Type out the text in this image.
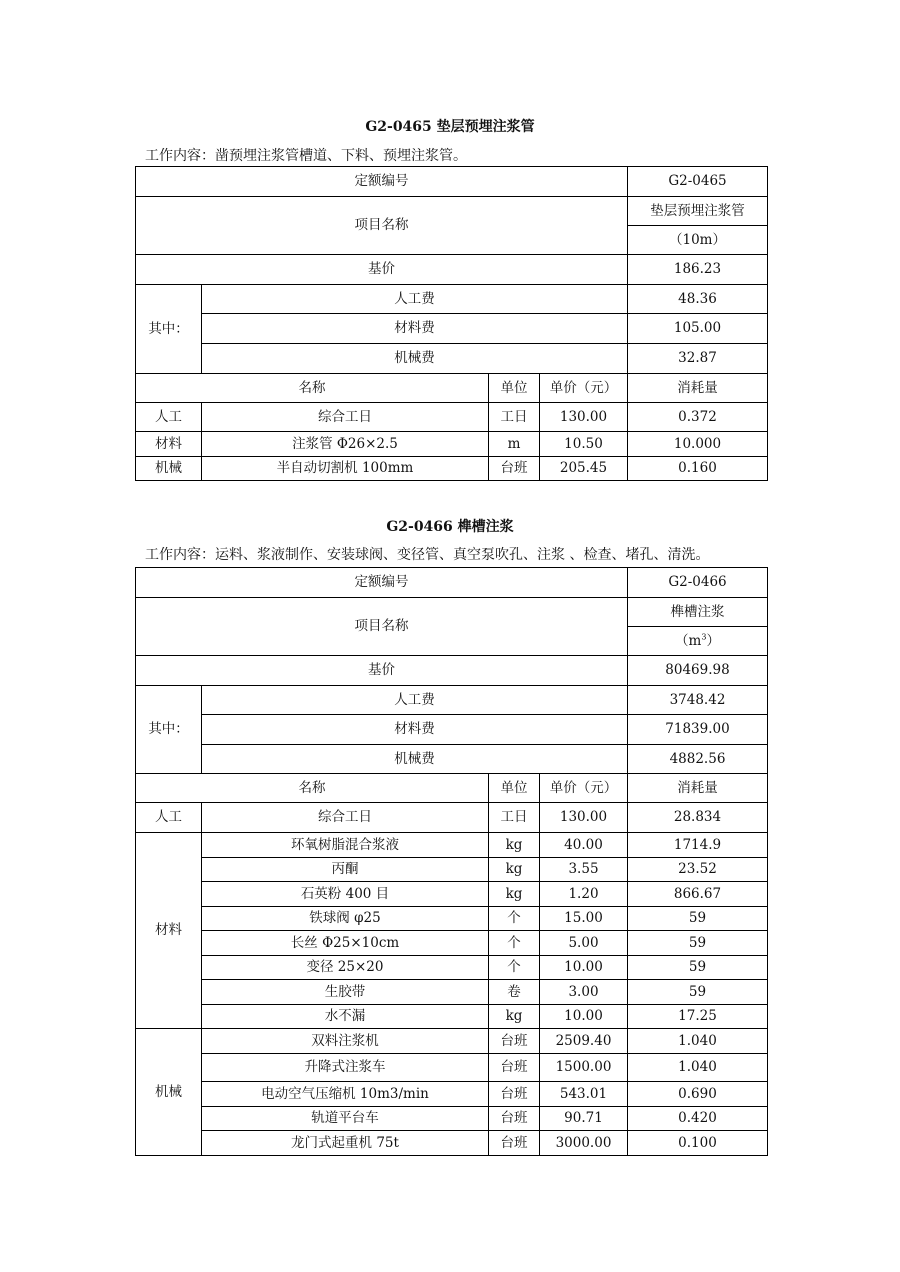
G2-0465 垫层预埋注浆管
工作内容：凿预埋注浆管槽道、下料、预埋注浆管。
定额编号				G2-0465
项目名称				垫层预埋注浆管
				（10m）
基价				186.23
其中：	人工费			48.36
	材料费			105.00
	机械费			32.87
名称		单位	单价（元）	消耗量
人工	综合工日	工日	130.00	0.372
材料	注浆管 Φ26×2.5	m	10.50	10.000
机械	半自动切割机 100mm	台班	205.45	0.160
G2-0466 榫槽注浆
工作内容：运料、浆液制作、安装球阀、变径管、真空泵吹孔、注浆 、检查、堵孔、清洗。
定额编号				G2-0466
项目名称				榫槽注浆
				$(m^3)$
基价				80469.98
其中：	人工费			3748.42
	材料费			71839.00
	机械费			4882.56
名称		单位	单价（元）	消耗量
人工	综合工日	工日	130.00	28.834
材料	环氧树脂混合浆液	kg	40.00	1714.9
	丙酮	kg	3.55	23.52
	石英粉 400 目	kg	1.20	866.67
	铁球阀 φ25	个	15.00	59
	长丝 Φ25×10cm	个	5.00	59
	变径 25×20	个	10.00	59
	生胶带	卷	3.00	59
	水不漏	kg	10.00	17.25
机械	双料注浆机	台班	2509.40	1.040
	升降式注浆车	台班	1500.00	1.040
	电动空气压缩机 10m3/min	台班	543.01	0.690
	轨道平台车	台班	90.71	0.420
	龙门式起重机 75t	台班	3000.00	0.100
